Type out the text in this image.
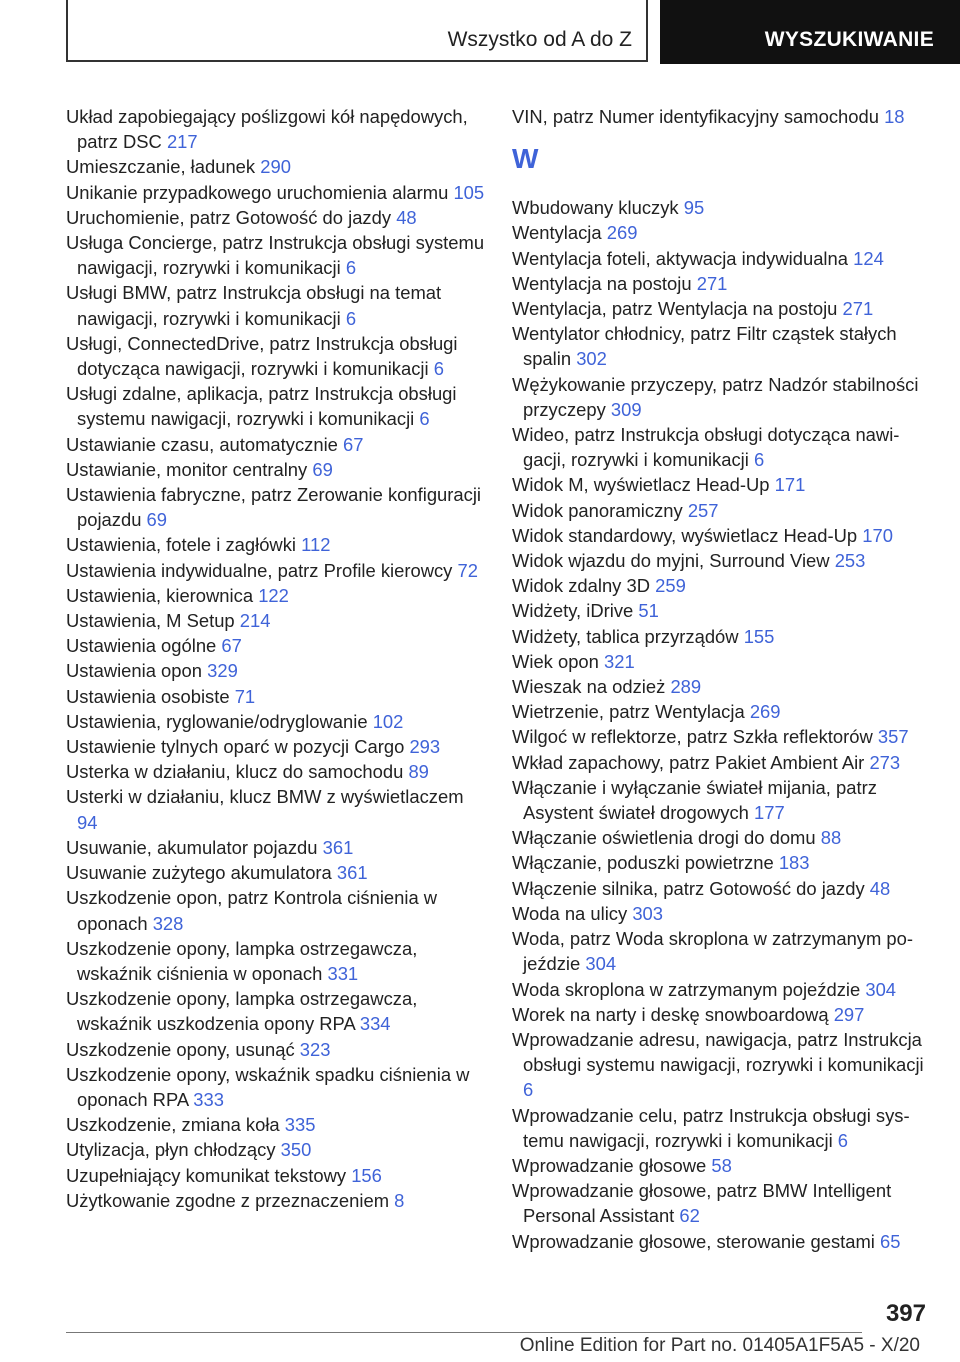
Wszystko od A do Z	WYSZUKIWANIE
Układ zapobiegający poślizgowi kół napędowych, patrz DSC 217
Umieszczanie, ładunek 290
Unikanie przypadkowego uruchomienia alarmu 105
Uruchomienie, patrz Gotowość do jazdy 48
Usługa Concierge, patrz Instrukcja obsługi systemu nawigacji, rozrywki i komunikacji 6
Usługi BMW, patrz Instrukcja obsługi na temat nawigacji, rozrywki i komunikacji 6
Usługi, ConnectedDrive, patrz Instrukcja obsługi dotycząca nawigacji, rozrywki i komunikacji 6
Usługi zdalne, aplikacja, patrz Instrukcja obsługi systemu nawigacji, rozrywki i komunikacji 6
Ustawianie czasu, automatycznie 67
Ustawianie, monitor centralny 69
Ustawienia fabryczne, patrz Zerowanie konfiguracji pojazdu 69
Ustawienia, fotele i zagłówki 112
Ustawienia indywidualne, patrz Profile kierowcy 72
Ustawienia, kierownica 122
Ustawienia, M Setup 214
Ustawienia ogólne 67
Ustawienia opon 329
Ustawienia osobiste 71
Ustawienia, ryglowanie/odryglowanie 102
Ustawienie tylnych oparć w pozycji Cargo 293
Usterka w działaniu, klucz do samochodu 89
Usterki w działaniu, klucz BMW z wyświetlaczem 94
Usuwanie, akumulator pojazdu 361
Usuwanie zużytego akumulatora 361
Uszkodzenie opon, patrz Kontrola ciśnienia w oponach 328
Uszkodzenie opony, lampka ostrzegawcza, wskaźnik ciśnienia w oponach 331
Uszkodzenie opony, lampka ostrzegawcza, wskaźnik uszkodzenia opony RPA 334
Uszkodzenie opony, usunąć 323
Uszkodzenie opony, wskaźnik spadku ciśnienia w oponach RPA 333
Uszkodzenie, zmiana koła 335
Utylizacja, płyn chłodzący 350
Uzupełniający komunikat tekstowy 156
Użytkowanie zgodne z przeznaczeniem 8
VIN, patrz Numer identyfikacyjny samochodu 18
W
Wbudowany kluczyk 95
Wentylacja 269
Wentylacja foteli, aktywacja indywidualna 124
Wentylacja na postoju 271
Wentylacja, patrz Wentylacja na postoju 271
Wentylator chłodnicy, patrz Filtr cząstek stałych spalin 302
Wężykowanie przyczepy, patrz Nadzór stabilności przyczepy 309
Wideo, patrz Instrukcja obsługi dotycząca nawigacji, rozrywki i komunikacji 6
Widok M, wyświetlacz Head-Up 171
Widok panoramiczny 257
Widok standardowy, wyświetlacz Head-Up 170
Widok wjazdu do myjni, Surround View 253
Widok zdalny 3D 259
Widżety, iDrive 51
Widżety, tablica przyrządów 155
Wiek opon 321
Wieszak na odzież 289
Wietrzenie, patrz Wentylacja 269
Wilgoć w reflektorze, patrz Szkła reflektorów 357
Wkład zapachowy, patrz Pakiet Ambient Air 273
Włączanie i wyłączanie świateł mijania, patrz Asystent świateł drogowych 177
Włączanie oświetlenia drogi do domu 88
Włączanie, poduszki powietrzne 183
Włączenie silnika, patrz Gotowość do jazdy 48
Woda na ulicy 303
Woda, patrz Woda skroplona w zatrzymanym pojeździe 304
Woda skroplona w zatrzymanym pojeździe 304
Worek na narty i deskę snowboardową 297
Wprowadzanie adresu, nawigacja, patrz Instrukcja obsługi systemu nawigacji, rozrywki i komunikacji 6
Wprowadzanie celu, patrz Instrukcja obsługi systemu nawigacji, rozrywki i komunikacji 6
Wprowadzanie głosowe 58
Wprowadzanie głosowe, patrz BMW Intelligent Personal Assistant 62
Wprowadzanie głosowe, sterowanie gestami 65
397
Online Edition for Part no. 01405A1F5A5 - X/20
